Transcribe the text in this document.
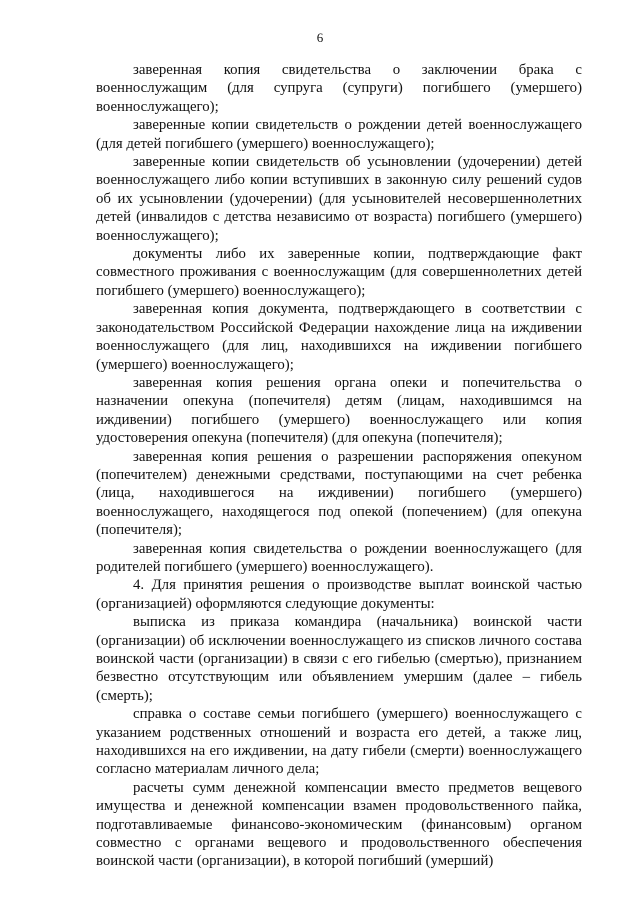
6

заверенная копия свидетельства о заключении брака с военнослужащим (для супруга (супруги) погибшего (умершего) военнослужащего);

заверенные копии свидетельств о рождении детей военнослужащего (для детей погибшего (умершего) военнослужащего);

заверенные копии свидетельств об усыновлении (удочерении) детей военнослужащего либо копии вступивших в законную силу решений судов об их усыновлении (удочерении) (для усыновителей несовершеннолетних детей (инвалидов с детства независимо от возраста) погибшего (умершего) военнослужащего);

документы либо их заверенные копии, подтверждающие факт совместного проживания с военнослужащим (для совершеннолетних детей погибшего (умершего) военнослужащего);

заверенная копия документа, подтверждающего в соответствии с законодательством Российской Федерации нахождение лица на иждивении военнослужащего (для лиц, находившихся на иждивении погибшего (умершего) военнослужащего);

заверенная копия решения органа опеки и попечительства о назначении опекуна (попечителя) детям (лицам, находившимся на иждивении) погибшего (умершего) военнослужащего или копия удостоверения опекуна (попечителя) (для опекуна (попечителя);

заверенная копия решения о разрешении распоряжения опекуном (попечителем) денежными средствами, поступающими на счет ребенка (лица, находившегося на иждивении) погибшего (умершего) военнослужащего, находящегося под опекой (попечением) (для опекуна (попечителя);

заверенная копия свидетельства о рождении военнослужащего (для родителей погибшего (умершего) военнослужащего).

4. Для принятия решения о производстве выплат воинской частью (организацией) оформляются следующие документы:

выписка из приказа командира (начальника) воинской части (организации) об исключении военнослужащего из списков личного состава воинской части (организации) в связи с его гибелью (смертью), признанием безвестно отсутствующим или объявлением умершим (далее – гибель (смерть);

справка о составе семьи погибшего (умершего) военнослужащего с указанием родственных отношений и возраста его детей, а также лиц, находившихся на его иждивении, на дату гибели (смерти) военнослужащего согласно материалам личного дела;

расчеты сумм денежной компенсации вместо предметов вещевого имущества и денежной компенсации взамен продовольственного пайка, подготавливаемые финансово-экономическим (финансовым) органом совместно с органами вещевого и продовольственного обеспечения воинской части (организации), в которой погибший (умерший)
